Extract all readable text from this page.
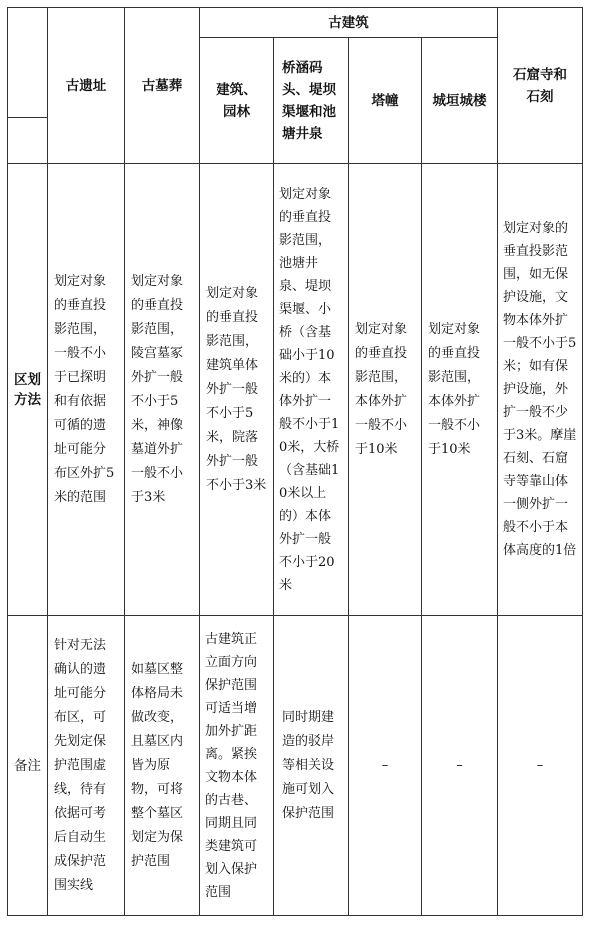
	古遗址	古墓葬	古建筑				石窟寺和石刻

			建筑、园林	桥涵码头、堤坝渠堰和池塘井泉	塔幢	城垣城楼	

区划方法	划定对象的垂直投影范围，一般不小于已探明和有依据可循的遗址可能分布区外扩5米的范围	划定对象的垂直投影范围，陵宫墓冢外扩一般不小于5米，神像墓道外扩一般不小于3米	划定对象的垂直投影范围，建筑单体外扩一般不小于5米，院落外扩一般不小于3米	划定对象的垂直投影范围，池塘井泉、堤坝渠堰、小桥（含基础小于10米的）本体外扩一般不小于10米，大桥（含基础10米以上的）本体外扩一般不小于20米	划定对象的垂直投影范围，本体外扩一般不小于10米	划定对象的垂直投影范围，本体外扩一般不小于10米	划定对象的垂直投影范围，如无保护设施，文物本体外扩一般不小于5米；如有保护设施，外扩一般不少于3米。摩崖石刻、石窟寺等靠山体一侧外扩一般不小于本体高度的1倍

备注	针对无法确认的遗址可能分布区，可先划定保护范围虚线，待有依据可考后自动生成保护范围实线	如墓区整体格局未做改变，且墓区内皆为原物，可将整个墓区划定为保护范围	古建筑正立面方向保护范围可适当增加外扩距离。紧挨文物本体的古巷、同期且同类建筑可划入保护范围	同时期建造的驳岸等相关设施可划入保护范围	–	–	–
